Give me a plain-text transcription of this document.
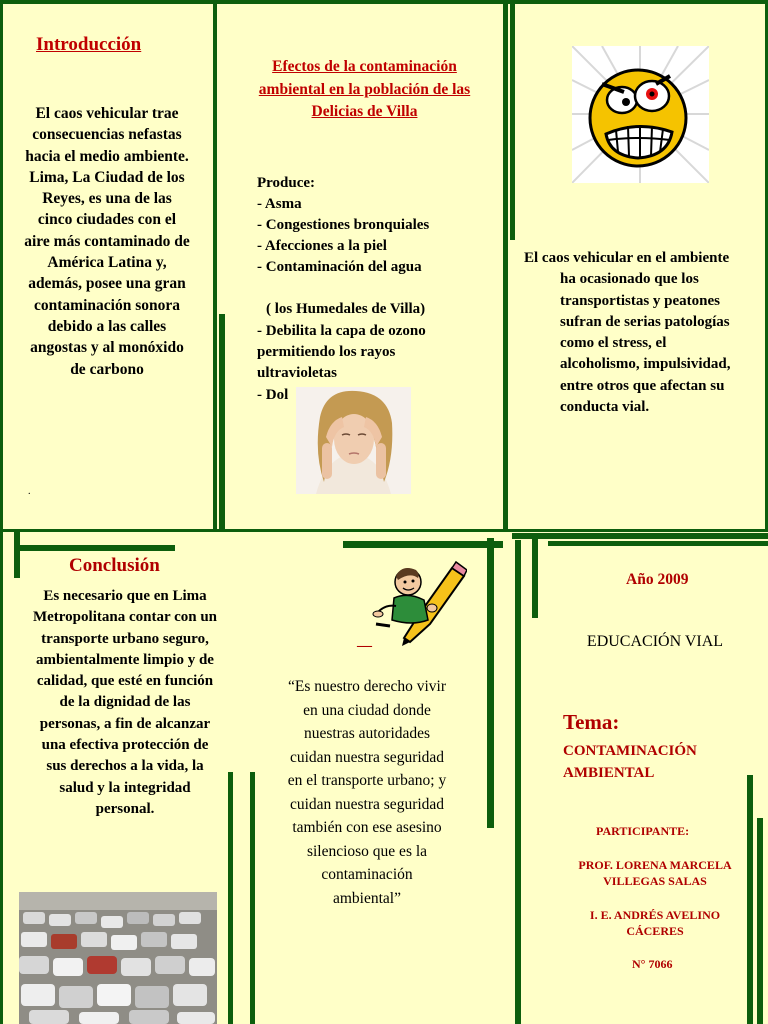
Introducción
El caos vehicular trae consecuencias nefastas hacia el medio ambiente. Lima, La Ciudad de los Reyes, es una de las cinco ciudades con el aire más contaminado de América Latina y, además, posee una gran contaminación sonora debido a las calles angostas y al monóxido de carbono
.
Efectos de la contaminación ambiental en la población de las Delicias de Villa
Produce:
- Asma
- Congestiones bronquiales
- Afecciones a la piel
- Contaminación del agua
( los Humedales de Villa)
- Debilita la capa de ozono permitiendo los rayos ultravioletas
- Dol
El caos vehicular en el ambiente ha ocasionado que los transportistas y peatones sufran de serias patologías como el stress, el alcoholismo, impulsividad, entre otros que afectan su conducta vial.
Conclusión
Es necesario que en Lima Metropolitana contar con un transporte urbano seguro, ambientalmente limpio y de calidad, que esté en función de la dignidad de las personas, a fin de alcanzar una efectiva protección de sus derechos a la vida, la salud y la integridad personal.
—
“Es nuestro derecho vivir en una ciudad donde nuestras autoridades cuidan nuestra seguridad en el transporte urbano; y cuidan nuestra seguridad también con ese asesino silencioso que es la contaminación ambiental”
Año 2009
EDUCACIÓN VIAL
Tema:
CONTAMINACIÓN AMBIENTAL
PARTICIPANTE:
PROF. LORENA MARCELA VILLEGAS SALAS
I. E. ANDRÉS AVELINO CÁCERES
N° 7066
